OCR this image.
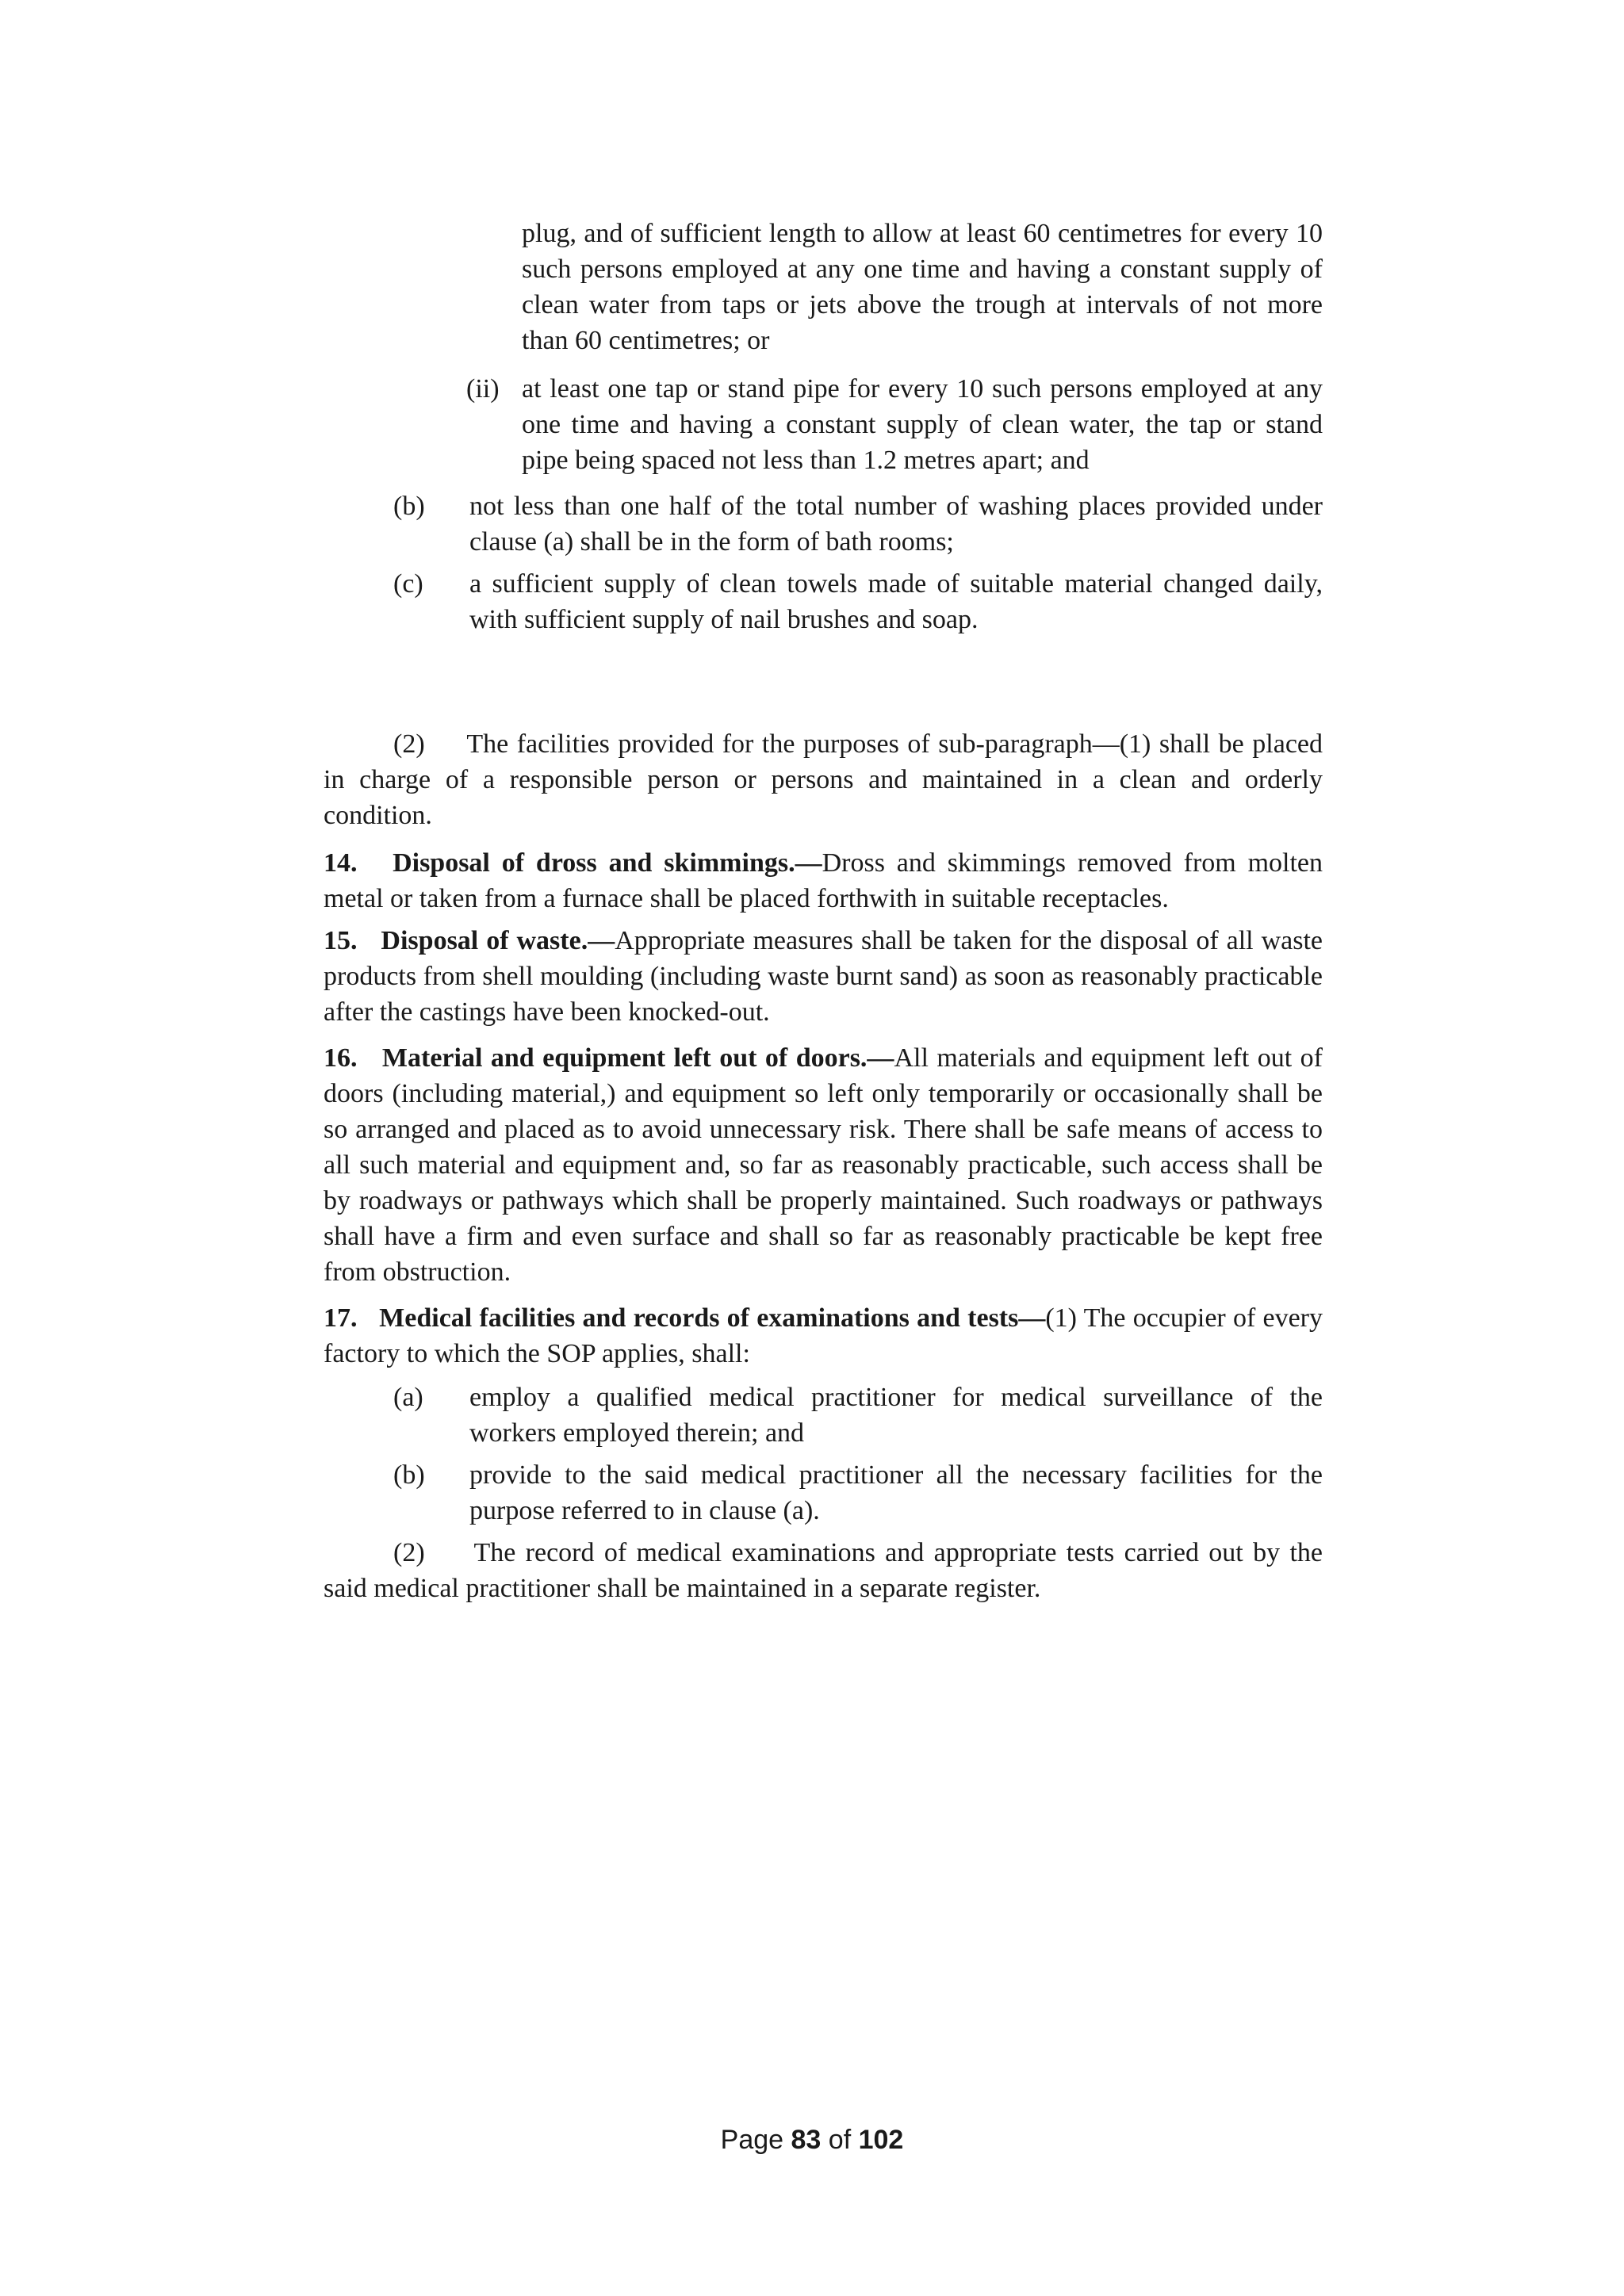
plug, and of sufficient length to allow at least 60 centimetres for every 10 such persons employed at any one time and having a constant supply of clean water from taps or jets above the trough at intervals of not more than 60 centimetres; or
(ii) at least one tap or stand pipe for every 10 such persons employed at any one time and having a constant supply of clean water, the tap or stand pipe being spaced not less than 1.2 metres apart; and
(b) not less than one half of the total number of washing places provided under clause (a) shall be in the form of bath rooms;
(c) a sufficient supply of clean towels made of suitable material changed daily, with sufficient supply of nail brushes and soap.
(2) The facilities provided for the purposes of sub-paragraph—(1) shall be placed in charge of a responsible person or persons and maintained in a clean and orderly condition.
14. Disposal of dross and skimmings.—Dross and skimmings removed from molten metal or taken from a furnace shall be placed forthwith in suitable receptacles.
15. Disposal of waste.—Appropriate measures shall be taken for the disposal of all waste products from shell moulding (including waste burnt sand) as soon as reasonably practicable after the castings have been knocked-out.
16. Material and equipment left out of doors.—All materials and equipment left out of doors (including material,) and equipment so left only temporarily or occasionally shall be so arranged and placed as to avoid unnecessary risk. There shall be safe means of access to all such material and equipment and, so far as reasonably practicable, such access shall be by roadways or pathways which shall be properly maintained. Such roadways or pathways shall have a firm and even surface and shall so far as reasonably practicable be kept free from obstruction.
17. Medical facilities and records of examinations and tests—(1) The occupier of every factory to which the SOP applies, shall:
(a) employ a qualified medical practitioner for medical surveillance of the workers employed therein; and
(b) provide to the said medical practitioner all the necessary facilities for the purpose referred to in clause (a).
(2) The record of medical examinations and appropriate tests carried out by the said medical practitioner shall be maintained in a separate register.
Page 83 of 102
